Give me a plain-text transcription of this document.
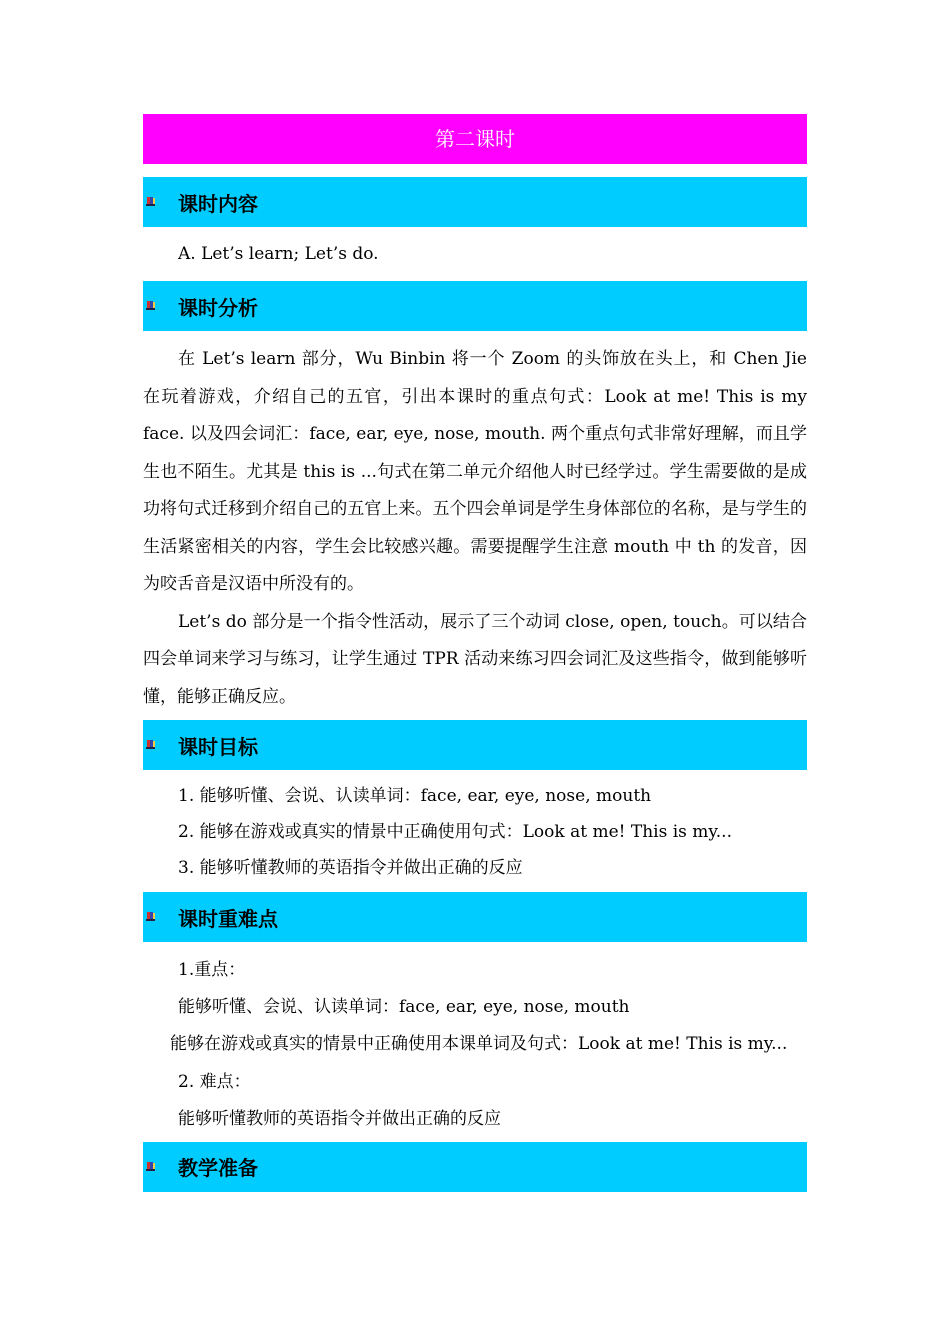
第二课时
课时内容
A. Let’s learn; Let’s do.
课时分析

在 Let’s learn 部分，Wu Binbin 将一个 Zoom 的头饰放在头上，和 Chen Jie 在玩着游戏，介绍自己的五官，引出本课时的重点句式：Look at me! This is my face. 以及四会词汇：face, ear, eye, nose, mouth. 两个重点句式非常好理解，而且学生也不陌生。尤其是 this is ...句式在第二单元介绍他人时已经学过。学生需要做的是成功将句式迁移到介绍自己的五官上来。五个四会单词是学生身体部位的名称，是与学生的生活紧密相关的内容，学生会比较感兴趣。需要提醒学生注意 mouth 中 th 的发音，因为咬舌音是汉语中所没有的。

Let’s do 部分是一个指令性活动，展示了三个动词 close, open, touch。可以结合四会单词来学习与练习，让学生通过 TPR 活动来练习四会词汇及这些指令，做到能够听懂，能够正确反应。

课时目标
1. 能够听懂、会说、认读单词：face, ear, eye, nose, mouth
2. 能够在游戏或真实的情景中正确使用句式：Look at me! This is my...
3. 能够听懂教师的英语指令并做出正确的反应
课时重难点
1.重点：
能够听懂、会说、认读单词：face, ear, eye, nose, mouth

能够在游戏或真实的情景中正确使用本课单词及句式：Look at me! This is my...

2. 难点：
能够听懂教师的英语指令并做出正确的反应
教学准备
